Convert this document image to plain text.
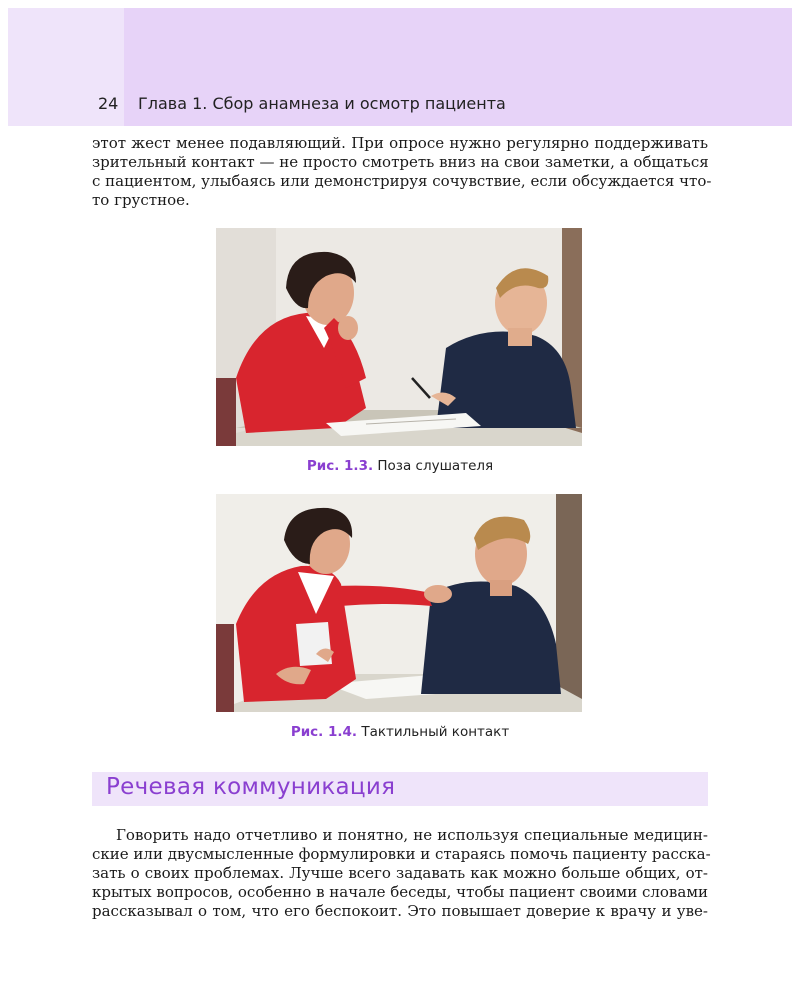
24 Глава 1. Сбор анамнеза и осмотр пациента
этот жест менее подавляющий. При опросе нужно регулярно поддерживать
зрительный контакт — не просто смотреть вниз на свои заметки, а общаться
с пациентом, улыбаясь или демонстрируя сочувствие, если обсуждается что-
то грустное.
Рис. 1.3. Поза слушателя
Рис. 1.4. Тактильный контакт
Речевая коммуникация
Говорить надо отчетливо и понятно, не используя специальные медицин-
ские или двусмысленные формулировки и стараясь помочь пациенту расска-
зать о своих проблемах. Лучше всего задавать как можно больше общих, от-
крытых вопросов, особенно в начале беседы, чтобы пациент своими словами
рассказывал о том, что его беспокоит. Это повышает доверие к врачу и уве-
